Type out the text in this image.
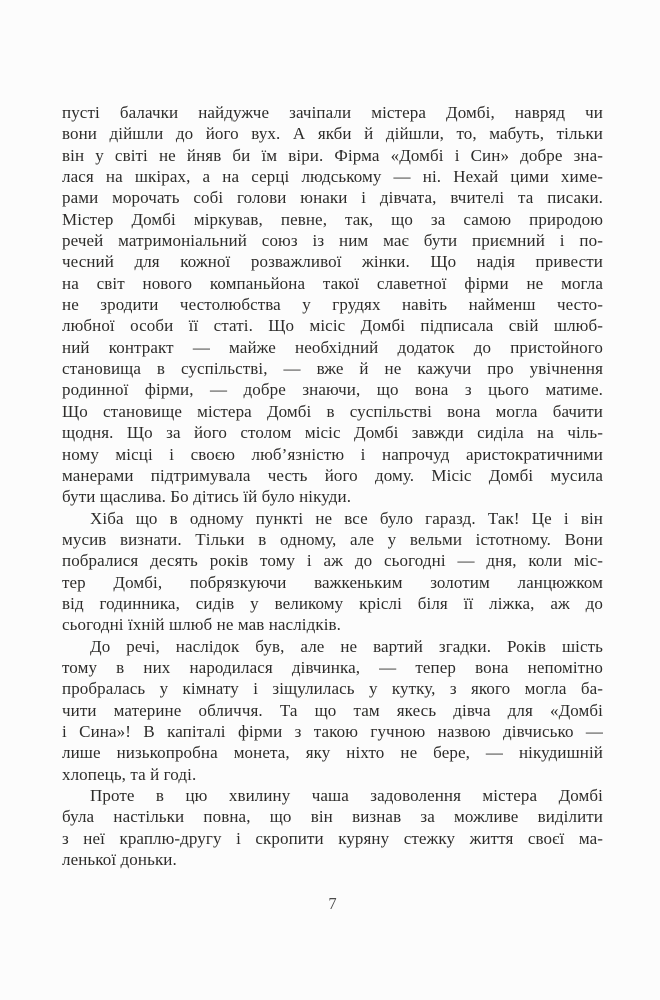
пусті балачки найдужче зачіпали містера Домбі, навряд чи
вони дійшли до його вух. А якби й дійшли, то, мабуть, тільки
він у світі не йняв би їм віри. Фірма «Домбі і Син» добре зна-
лася на шкірах, а на серці людському — ні. Нехай цими химе-
рами морочать собі голови юнаки і дівчата, вчителі та писаки.
Містер Домбі міркував, певне, так, що за самою природою
речей матримоніальний союз із ним має бути приємний і по-
чесний для кожної розважливої жінки. Що надія привести
на світ нового компаньйона такої славетної фірми не могла
не зродити честолюбства у грудях навіть найменш често-
любної особи її статі. Що місіс Домбі підписала свій шлюб-
ний контракт — майже необхідний додаток до пристойного
становища в суспільстві, — вже й не кажучи про увічнення
родинної фірми, — добре знаючи, що вона з цього матиме.
Що становище містера Домбі в суспільстві вона могла бачити
щодня. Що за його столом місіс Домбі завжди сиділа на чіль-
ному місці і своєю люб’язністю і напрочуд аристократичними
манерами підтримувала честь його дому. Місіс Домбі мусила
бути щаслива. Бо дітись їй було нікуди.
Хіба що в одному пункті не все було гаразд. Так! Це і він
мусив визнати. Тільки в одному, але у вельми істотному. Вони
побралися десять років тому і аж до сьогодні — дня, коли міс-
тер Домбі, побрязкуючи важкеньким золотим ланцюжком
від годинника, сидів у великому кріслі біля її ліжка, аж до
сьогодні їхній шлюб не мав наслідків.
До речі, наслідок був, але не вартий згадки. Років шість
тому в них народилася дівчинка, — тепер вона непомітно
пробралась у кімнату і зіщулилась у кутку, з якого могла ба-
чити материне обличчя. Та що там якесь дівча для «Домбі
і Сина»! В капіталі фірми з такою гучною назвою дівчисько —
лише низькопробна монета, яку ніхто не бере, — нікудишній
хлопець, та й годі.
Проте в цю хвилину чаша задоволення містера Домбі
була настільки повна, що він визнав за можливе виділити
з неї краплю-другу і скропити куряну стежку життя своєї ма-
ленької доньки.
7
